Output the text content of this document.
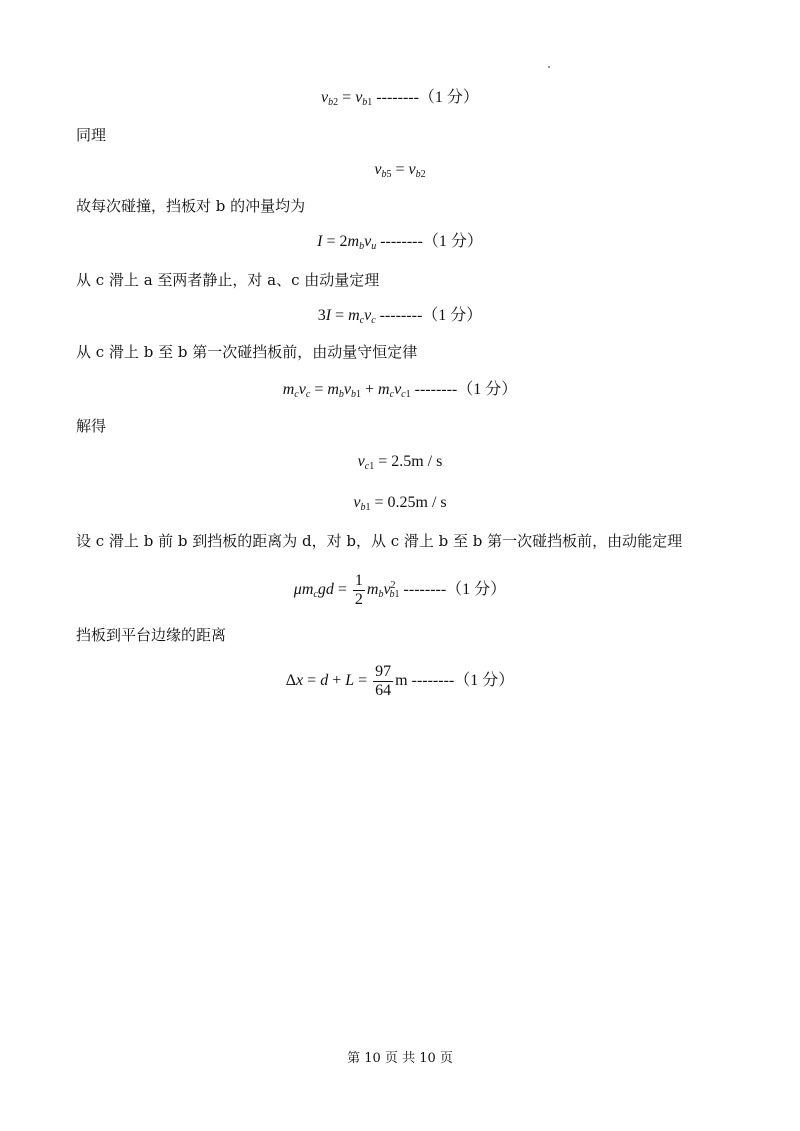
$v_{b2} = v_{b1}$ --------（1 分）
同理
$v_{b5} = v_{b2}$
故每次碰撞，挡板对 b 的冲量均为
$I = 2m_bv_u$ --------（1 分）
从 c 滑上 a 至两者静止，对 a、c 由动量定理
$3I = m_cv_c$ --------（1 分）
从 c 滑上 b 至 b 第一次碰挡板前，由动量守恒定律
$m_cv_c = m_bv_{b1} + m_cv_{c1}$ --------（1 分）
解得
$v_{c1} = 2.5m / s$
$v_{b1} = 0.25m / s$
设 c 滑上 b 前 b 到挡板的距离为 d，对 b，从 c 滑上 b 至 b 第一次碰挡板前，由动能定理
$\mu m_cgd = \frac{1}{2} m_bv^2_{b1}$ --------（1 分）
挡板到平台边缘的距离
$\Delta x = d + L = \frac{97}{64}$ m --------（1 分）
第 10 页 共 10 页
